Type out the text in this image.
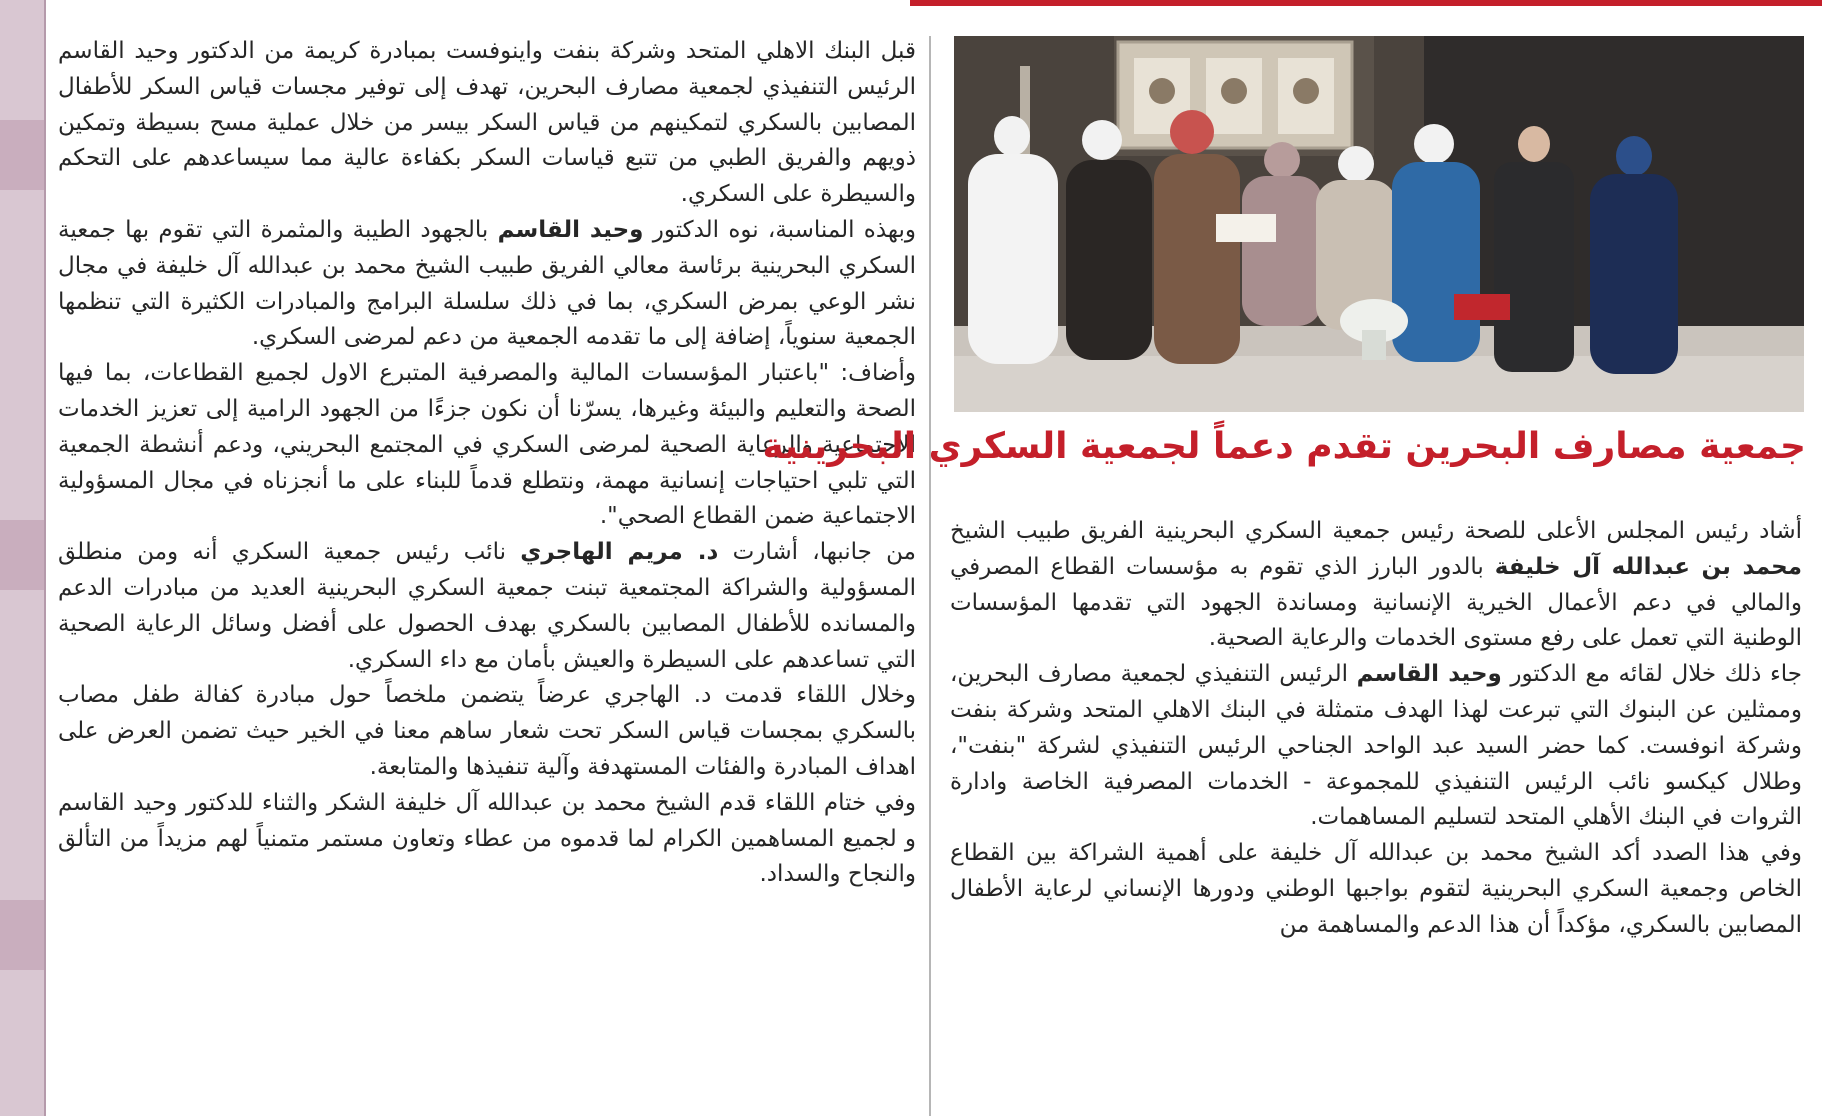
قبل البنك الاهلي المتحد وشركة بنفت واينوفست بمبادرة كريمة من الدكتور وحيد القاسم الرئيس التنفيذي لجمعية مصارف البحرين، تهدف إلى توفير مجسات قياس السكر للأطفال المصابين بالسكري لتمكينهم من قياس السكر بيسر من خلال عملية مسح بسيطة وتمكين ذويهم والفريق الطبي من تتبع قياسات السكر بكفاءة عالية مما سيساعدهم على التحكم والسيطرة على السكري.

وبهذه المناسبة، نوه الدكتور وحيد القاسم بالجهود الطيبة والمثمرة التي تقوم بها جمعية السكري البحرينية برئاسة معالي الفريق طبيب الشيخ محمد بن عبدالله آل خليفة في مجال نشر الوعي بمرض السكري، بما في ذلك سلسلة البرامج والمبادرات الكثيرة التي تنظمها الجمعية سنوياً، إضافة إلى ما تقدمه الجمعية من دعم لمرضى السكري.

وأضاف: "باعتبار المؤسسات المالية والمصرفية المتبرع الاول لجميع القطاعات، بما فيها الصحة والتعليم والبيئة وغيرها، يسرّنا أن نكون جزءًا من الجهود الرامية إلى تعزيز الخدمات الاجتماعية والرعاية الصحية لمرضى السكري في المجتمع البحريني، ودعم أنشطة الجمعية التي تلبي احتياجات إنسانية مهمة، ونتطلع قدماً للبناء على ما أنجزناه في مجال المسؤولية الاجتماعية ضمن القطاع الصحي".

من جانبها، أشارت د. مريم الهاجري نائب رئيس جمعية السكري أنه ومن منطلق المسؤولية والشراكة المجتمعية تبنت جمعية السكري البحرينية العديد من مبادرات الدعم والمسانده للأطفال المصابين بالسكري بهدف الحصول على أفضل وسائل الرعاية الصحية التي تساعدهم على السيطرة والعيش بأمان مع داء السكري.

وخلال اللقاء قدمت د. الهاجري عرضاً يتضمن ملخصاً حول مبادرة كفالة طفل مصاب بالسكري بمجسات قياس السكر تحت شعار ساهم معنا في الخير حيث تضمن العرض على اهداف المبادرة والفئات المستهدفة وآلية تنفيذها والمتابعة.

وفي ختام اللقاء قدم الشيخ محمد بن عبدالله آل خليفة الشكر والثناء للدكتور وحيد القاسم و لجميع المساهمين الكرام لما قدموه من عطاء وتعاون مستمر متمنياً لهم مزيداً من التألق والنجاح والسداد.

جمعية مصارف البحرين تقدم دعماً لجمعية السكري البحرينية

أشاد رئيس المجلس الأعلى للصحة رئيس جمعية السكري البحرينية الفريق طبيب الشيخ محمد بن عبدالله آل خليفة بالدور البارز الذي تقوم به مؤسسات القطاع المصرفي والمالي في دعم الأعمال الخيرية الإنسانية ومساندة الجهود التي تقدمها المؤسسات الوطنية التي تعمل على رفع مستوى الخدمات والرعاية الصحية.

جاء ذلك خلال لقائه مع الدكتور وحيد القاسم الرئيس التنفيذي لجمعية مصارف البحرين، وممثلين عن البنوك التي تبرعت لهذا الهدف متمثلة في البنك الاهلي المتحد وشركة بنفت وشركة انوفست. كما حضر السيد عبد الواحد الجناحي الرئيس التنفيذي لشركة "بنفت"، وطلال كيكسو نائب الرئيس التنفيذي للمجموعة - الخدمات المصرفية الخاصة وادارة الثروات في البنك الأهلي المتحد لتسليم المساهمات.

وفي هذا الصدد أكد الشيخ محمد بن عبدالله آل خليفة على أهمية الشراكة بين القطاع الخاص وجمعية السكري البحرينية لتقوم بواجبها الوطني ودورها الإنساني لرعاية الأطفال المصابين بالسكري، مؤكداً أن هذا الدعم والمساهمة من
